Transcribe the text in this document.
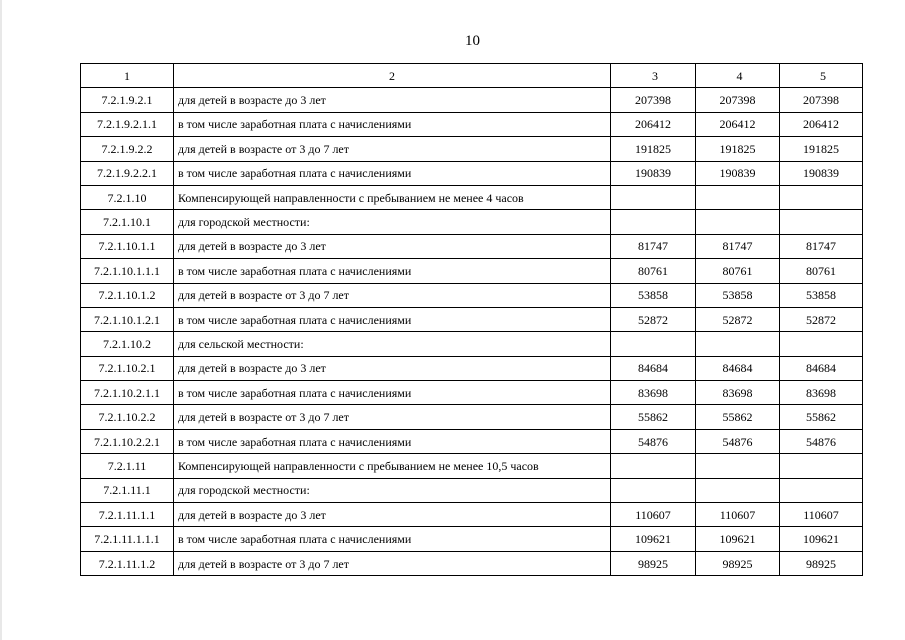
10
1	2	3	4	5
7.2.1.9.2.1	для детей в возрасте до 3 лет	207398	207398	207398
7.2.1.9.2.1.1	в том числе заработная плата с начислениями	206412	206412	206412
7.2.1.9.2.2	для детей в возрасте от 3 до 7 лет	191825	191825	191825
7.2.1.9.2.2.1	в том числе заработная плата с начислениями	190839	190839	190839
7.2.1.10	Компенсирующей направленности с пребыванием не менее 4 часов			
7.2.1.10.1	для городской местности:			
7.2.1.10.1.1	для детей в возрасте до 3 лет	81747	81747	81747
7.2.1.10.1.1.1	в том числе заработная плата с начислениями	80761	80761	80761
7.2.1.10.1.2	для детей в возрасте от 3 до 7 лет	53858	53858	53858
7.2.1.10.1.2.1	в том числе заработная плата с начислениями	52872	52872	52872
7.2.1.10.2	для сельской местности:			
7.2.1.10.2.1	для детей в возрасте до 3 лет	84684	84684	84684
7.2.1.10.2.1.1	в том числе заработная плата с начислениями	83698	83698	83698
7.2.1.10.2.2	для детей в возрасте от 3 до 7 лет	55862	55862	55862
7.2.1.10.2.2.1	в том числе заработная плата с начислениями	54876	54876	54876
7.2.1.11	Компенсирующей направленности с пребыванием не менее 10,5 часов			
7.2.1.11.1	для городской местности:			
7.2.1.11.1.1	для детей в возрасте до 3 лет	110607	110607	110607
7.2.1.11.1.1.1	в том числе заработная плата с начислениями	109621	109621	109621
7.2.1.11.1.2	для детей в возрасте от 3 до 7 лет	98925	98925	98925
